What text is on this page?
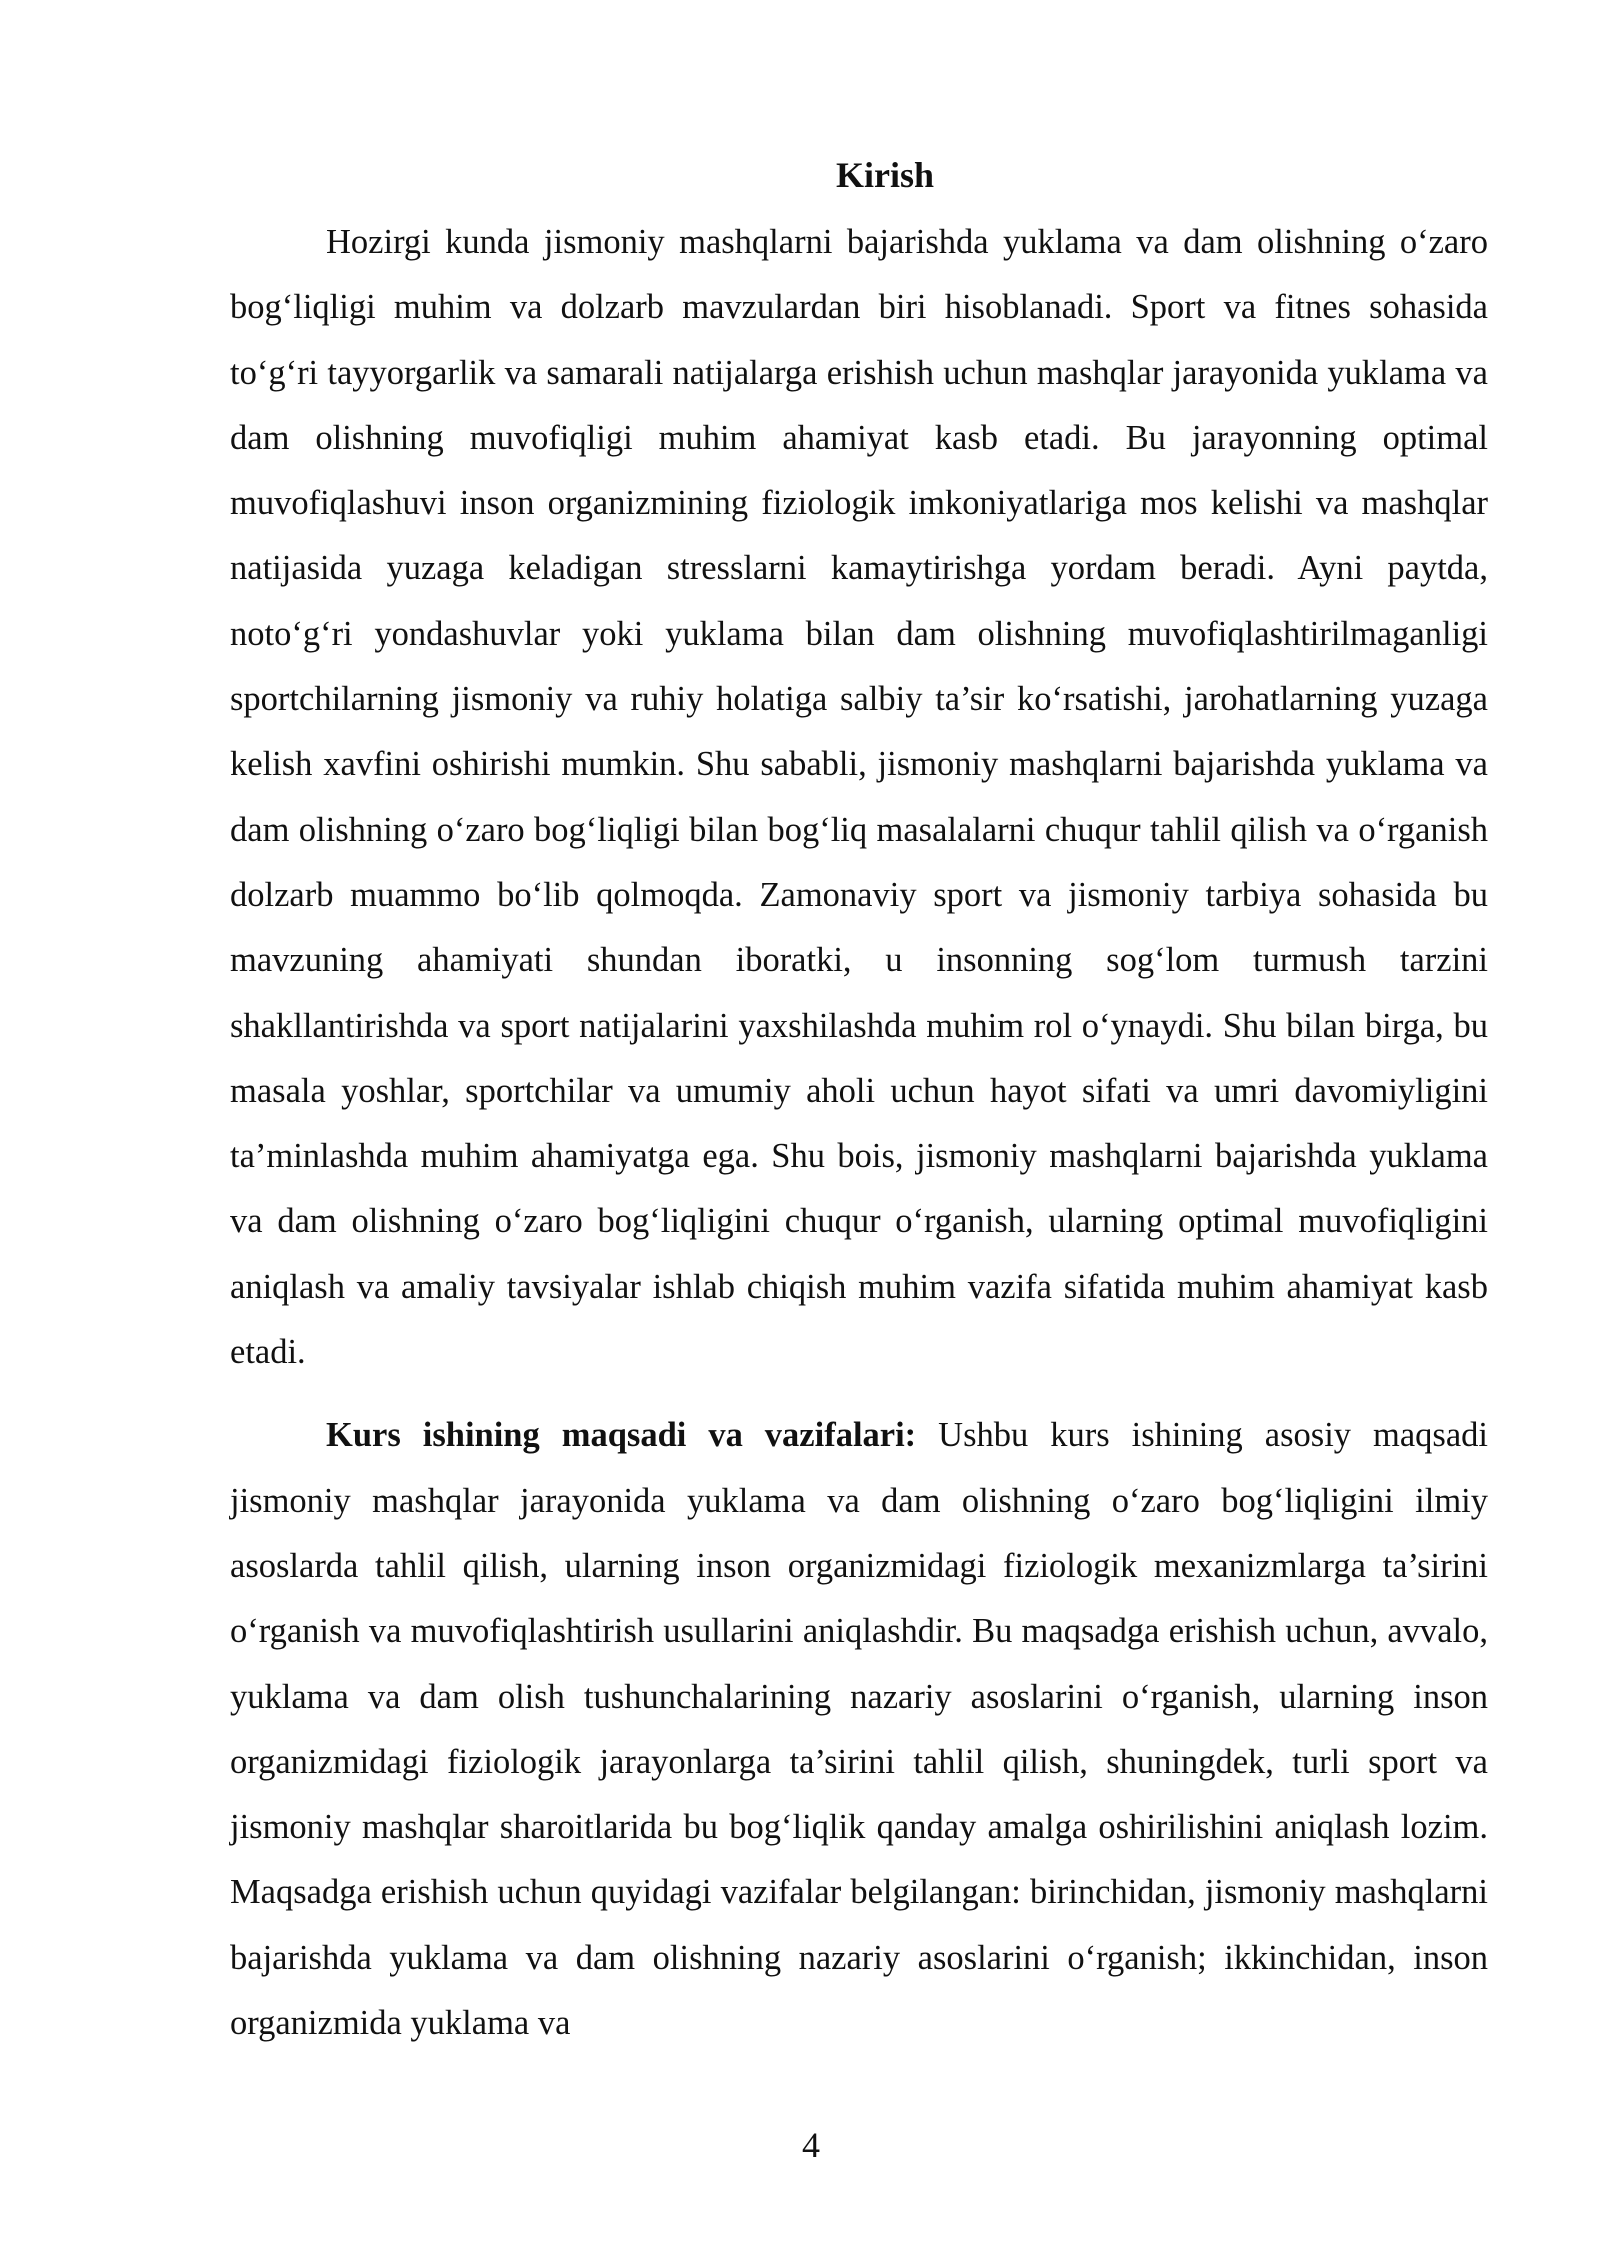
Kirish

Hozirgi kunda jismoniy mashqlarni bajarishda yuklama va dam olishning o‘zaro bog‘liqligi muhim va dolzarb mavzulardan biri hisoblanadi. Sport va fitnes sohasida to‘g‘ri tayyorgarlik va samarali natijalarga erishish uchun mashqlar jarayonida yuklama va dam olishning muvofiqligi muhim ahamiyat kasb etadi. Bu jarayonning optimal muvofiqlashuvi inson organizmining fiziologik imkoniyatlariga mos kelishi va mashqlar natijasida yuzaga keladigan stresslarni kamaytirishga yordam beradi. Ayni paytda, noto‘g‘ri yondashuvlar yoki yuklama bilan dam olishning muvofiqlashtirilmaganligi sportchilarning jismoniy va ruhiy holatiga salbiy ta’sir ko‘rsatishi, jarohatlarning yuzaga kelish xavfini oshirishi mumkin. Shu sababli, jismoniy mashqlarni bajarishda yuklama va dam olishning o‘zaro bog‘liqligi bilan bog‘liq masalalarni chuqur tahlil qilish va o‘rganish dolzarb muammo bo‘lib qolmoqda. Zamonaviy sport va jismoniy tarbiya sohasida bu mavzuning ahamiyati shundan iboratki, u insonning sog‘lom turmush tarzini shakllantirishda va sport natijalarini yaxshilashda muhim rol o‘ynaydi. Shu bilan birga, bu masala yoshlar, sportchilar va umumiy aholi uchun hayot sifati va umri davomiyligini ta’minlashda muhim ahamiyatga ega. Shu bois, jismoniy mashqlarni bajarishda yuklama va dam olishning o‘zaro bog‘liqligini chuqur o‘rganish, ularning optimal muvofiqligini aniqlash va amaliy tavsiyalar ishlab chiqish muhim vazifa sifatida muhim ahamiyat kasb etadi.

Kurs ishining maqsadi va vazifalari: Ushbu kurs ishining asosiy maqsadi jismoniy mashqlar jarayonida yuklama va dam olishning o‘zaro bog‘liqligini ilmiy asoslarda tahlil qilish, ularning inson organizmidagi fiziologik mexanizmlarga ta’sirini o‘rganish va muvofiqlashtirish usullarini aniqlashdir. Bu maqsadga erishish uchun, avvalo, yuklama va dam olish tushunchalarining nazariy asoslarini o‘rganish, ularning inson organizmidagi fiziologik jarayonlarga ta’sirini tahlil qilish, shuningdek, turli sport va jismoniy mashqlar sharoitlarida bu bog‘liqlik qanday amalga oshirilishini aniqlash lozim. Maqsadga erishish uchun quyidagi vazifalar belgilangan: birinchidan, jismoniy mashqlarni bajarishda yuklama va dam olishning nazariy asoslarini o‘rganish; ikkinchidan, inson organizmida yuklama va

4
